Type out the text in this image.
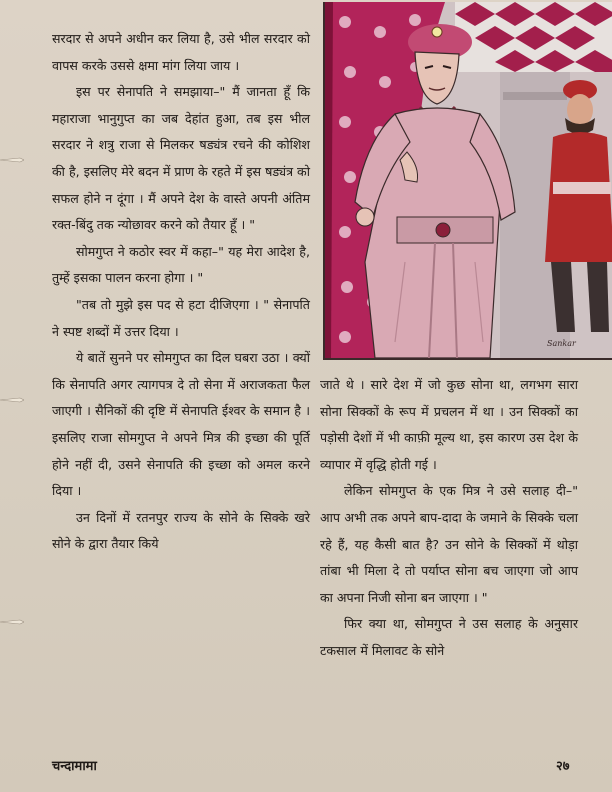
सरदार से अपने अधीन कर लिया है, उसे भील सरदार को वापस करके उससे क्षमा मांग लिया जाय ।

इस पर सेनापति ने समझाया–" मैं जानता हूँ कि महाराजा भानुगुप्त का जब देहांत हुआ, तब इस भील सरदार ने शत्रु राजा से मिलकर षड्यंत्र रचने की कोशिश की है, इसलिए मेरे बदन में प्राण के रहते में इस षड्यंत्र को सफल होने न दूंगा । मैं अपने देश के वास्ते अपनी अंतिम रक्त-बिंदु तक न्योछावर करने को तैयार हूँ । "

सोमगुप्त ने कठोर स्वर में कहा–" यह मेरा आदेश है, तुम्हें इसका पालन करना होगा । "

"तब तो मुझे इस पद से हटा दीजिएगा । " सेनापति ने स्पष्ट शब्दों में उत्तर दिया ।

ये बातें सुनने पर सोमगुप्त का दिल घबरा उठा । क्यों कि सेनापति अगर त्यागपत्र दे तो सेना में अराजकता फैल जाएगी । सैनिकों की दृष्टि में सेनापति ईश्वर के समान है । इसलिए राजा सोमगुप्त ने अपने मित्र की इच्छा की पूर्ति होने नहीं दी, उसने सेनापति की इच्छा को अमल करने दिया ।

उन दिनों में रतनपुर राज्य के सोने के सिक्के खरे सोने के द्वारा तैयार किये

Sankar

जाते थे । सारे देश में जो कुछ सोना था, लगभग सारा सोना सिक्कों के रूप में प्रचलन में था । उन सिक्कों का पड़ोसी देशों में भी काफ़ी मूल्य था, इस कारण उस देश के व्यापार में वृद्धि होती गई ।

लेकिन सोमगुप्त के एक मित्र ने उसे सलाह दी–" आप अभी तक अपने बाप-दादा के जमाने के सिक्के चला रहे हैं, यह कैसी बात है? उन सोने के सिक्कों में थोड़ा तांबा भी मिला दे तो पर्याप्त सोना बच जाएगा जो आप का अपना निजी सोना बन जाएगा । "

फिर क्या था, सोमगुप्त ने उस सलाह के अनुसार टकसाल में मिलावट के सोने

चन्दामामा	२७
